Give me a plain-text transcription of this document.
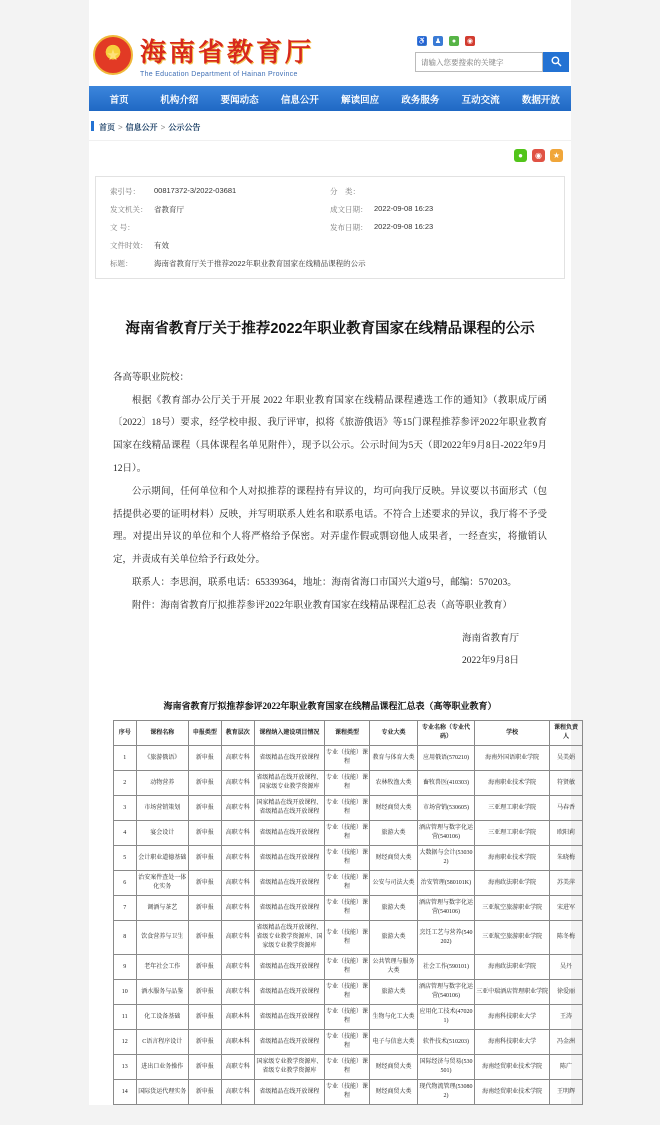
★ 海南省教育厅
The Education Department of Hainan Province
♿ ♟	●	◉
请输入您要搜索的关键字
首页	机构介绍	要闻动态	信息公开	解读回应	政务服务	互动交流	数据开放
首页 > 信息公开 > 公示公告
●	◉	★
索引号：	00817372-3/2022-03681	分　类：
发文机关： 省教育厅	成文日期： 2022-09-08 16:23
文 号：	发布日期： 2022-09-08 16:23
文件时效： 有效
标题：	海南省教育厅关于推荐2022年职业教育国家在线精品课程的公示
海南省教育厅关于推荐2022年职业教育国家在线精品课程的公示

各高等职业院校：

根据《教育部办公厅关于开展 2022 年职业教育国家在线精品课程遴选工作的通知》（教职成厅函〔2022〕18号）要求，经学校申报、我厅评审，拟将《旅游俄语》等15门课程推荐参评2022年职业教育国家在线精品课程（具体课程名单见附件），现予以公示。公示时间为5天（即2022年9月8日-2022年9月12日）。

公示期间，任何单位和个人对拟推荐的课程持有异议的，均可向我厅反映。异议要以书面形式（包括提供必要的证明材料）反映，并写明联系人姓名和联系电话。不符合上述要求的异议，我厅将不予受理。对提出异议的单位和个人将严格给予保密。对弄虚作假或剽窃他人成果者，一经查实，将撤销认定，并责成有关单位给予行政处分。

联系人：李思润，联系电话：65339364，地址：海南省海口市国兴大道9号，邮编：570203。

附件：海南省教育厅拟推荐参评2022年职业教育国家在线精品课程汇总表（高等职业教育）

海南省教育厅
2022年9月8日
海南省教育厅拟推荐参评2022年职业教育国家在线精品课程汇总表（高等职业教育）
序号	课程名称	申报类型	教育层次	课程纳入建设项目情况	课程类型	专业大类	专业名称（专业代码）	学校	课程负责人
1	《旅游俄语》	新申报	高职专科	省级精品在线开放课程	专业（技能）课程	教育与体育大类	应用俄语(570210)	海南外国语职业学院	吴美娟
2	动物营养	新申报	高职专科	省级精品在线开放课程、国家级专业教学资源库	专业（技能）课程	农林牧渔大类	畜牧兽医(410303)	海南职业技术学院	符贤敏
3	市场营销策划	新申报	高职专科	国家精品在线开放课程、省级精品在线开放课程	专业（技能）课程	财经商贸大类	市场营销(530605)	三亚理工职业学院	马春香
4	宴会设计	新申报	高职专科	省级精品在线开放课程	专业（技能）课程	旅游大类	酒店管理与数字化运营(540106)	三亚理工职业学院	欧阳莉
5	会计职业道德基础	新申报	高职专科	省级精品在线开放课程	专业（技能）课程	财经商贸大类	大数据与会计(530302)	海南职业技术学院	朱晓梅
6	治安案件查处一体化实务	新申报	高职专科	省级精品在线开放课程	专业（技能）课程	公安与司法大类	治安管理(580101K)	海南政法职业学院	苏美萍
7	调酒与茶艺	新申报	高职专科	省级精品在线开放课程	专业（技能）课程	旅游大类	酒店管理与数字化运营(540106)	三亚航空旅游职业学院	宋进军
8	饮食营养与卫生	新申报	高职专科	省级精品在线开放课程、省级专业教学资源库、国家级专业教学资源库	专业（技能）课程	旅游大类	烹饪工艺与营养(540202)	三亚航空旅游职业学院	陈冬梅
9	老年社会工作	新申报	高职专科	省级精品在线开放课程	专业（技能）课程	公共管理与服务大类	社会工作(590101)	海南政法职业学院	吴丹
10	酒水服务与品鉴	新申报	高职专科	省级精品在线开放课程	专业（技能）课程	旅游大类	酒店管理与数字化运营(540106)	三亚中瑞酒店管理职业学院	徐爱丽
11	化工设备基础	新申报	高职本科	省级精品在线开放课程	专业（技能）课程	生物与化工大类	应用化工技术(470201)	海南科技职业大学	王涛
12	C语言程序设计	新申报	高职本科	省级精品在线开放课程	专业（技能）课程	电子与信息大类	软件技术(510203)	海南科技职业大学	冯金洲
13	进出口业务操作	新申报	高职专科	国家级专业教学资源库、省级专业教学资源库	专业（技能）课程	财经商贸大类	国际经济与贸易(530501)	海南经贸职业技术学院	陈广
14	国际货运代理实务	新申报	高职专科	省级精品在线开放课程	专业（技能）课程	财经商贸大类	现代物流管理(530802)	海南经贸职业技术学院	王明辉
